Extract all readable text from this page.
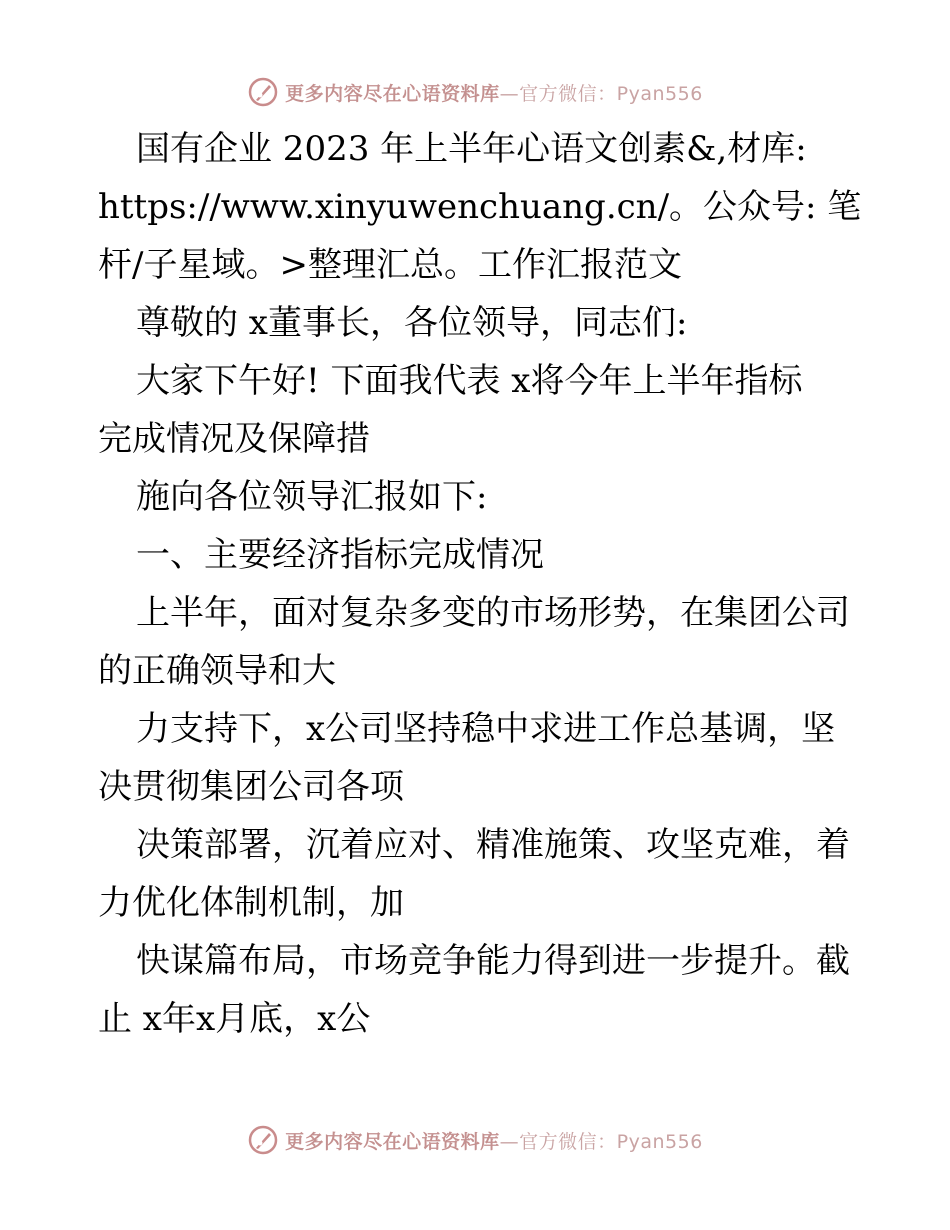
更多内容尽在心语资料库—官方微信：Pyan556

国有企业 2023 年上半年心语文创素&,材库:

https://www.xinyuwenchuang.cn/。公众号: 笔

杆/子星域。>整理汇总。工作汇报范文

尊敬的 x董事长，各位领导，同志们:

大家下午好! 下面我代表 x将今年上半年指标

完成情况及保障措

施向各位领导汇报如下:

一、主要经济指标完成情况

上半年，面对复杂多变的市场形势，在集团公司

的正确领导和大

力支持下，x公司坚持稳中求进工作总基调，坚

决贯彻集团公司各项

决策部署，沉着应对、精准施策、攻坚克难，着

力优化体制机制，加

快谋篇布局，市场竞争能力得到进一步提升。截

止 x年x月底，x公

更多内容尽在心语资料库—官方微信：Pyan556
